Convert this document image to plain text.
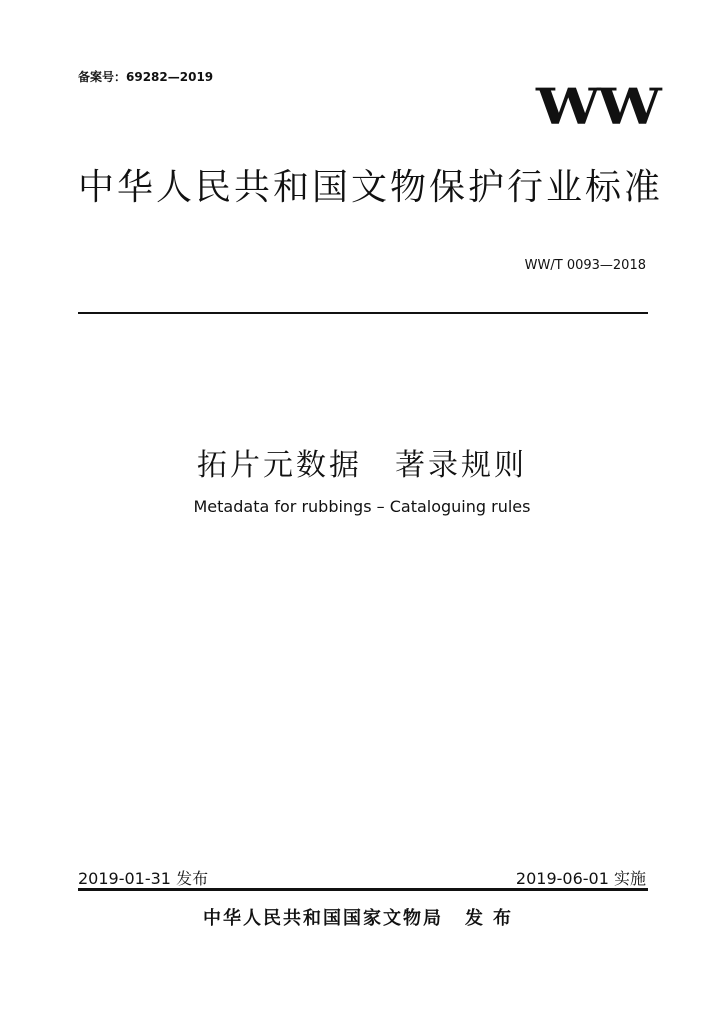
备案号：69282—2019	WW
中华人民共和国文物保护行业标准
WW/T 0093—2018
拓片元数据　著录规则
Metadata for rubbings – Cataloguing rules
2019-01-31 发布	2019-06-01 实施
中华人民共和国国家文物局 发布
